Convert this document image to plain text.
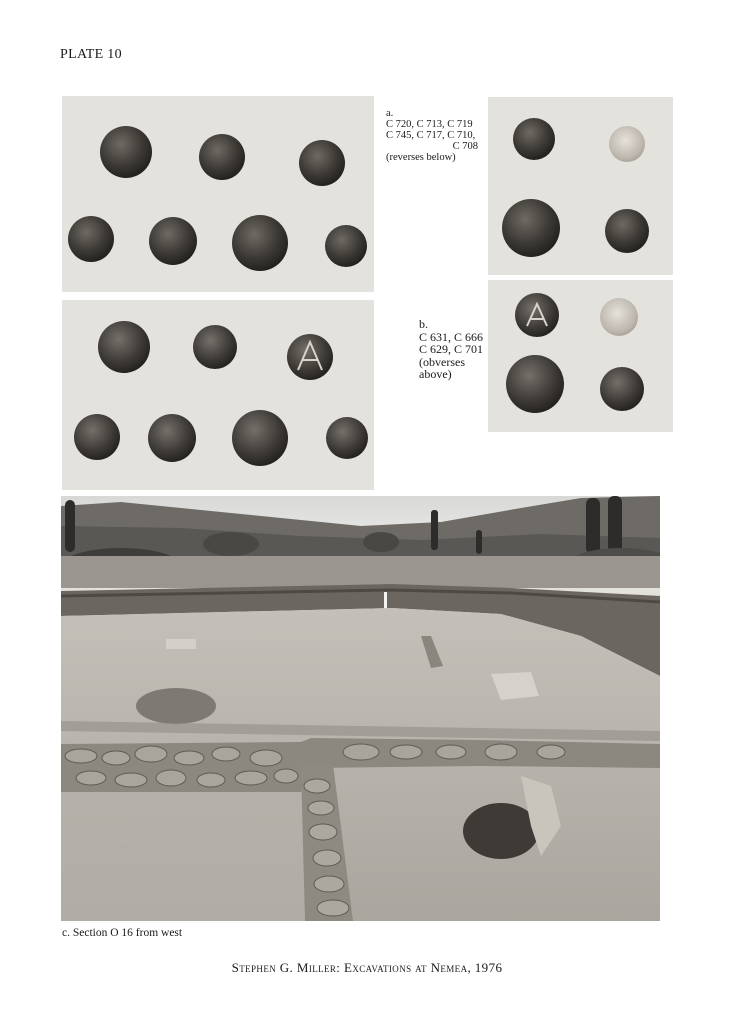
PLATE 10
a.
C 720, C 713, C 719
C 745, C 717, C 710,
C 708
(reverses below)
b.
C 631, C 666
C 629, C 701
(obverses
above)
c. Section O 16 from west
Stephen G. Miller: Excavations at Nemea, 1976
